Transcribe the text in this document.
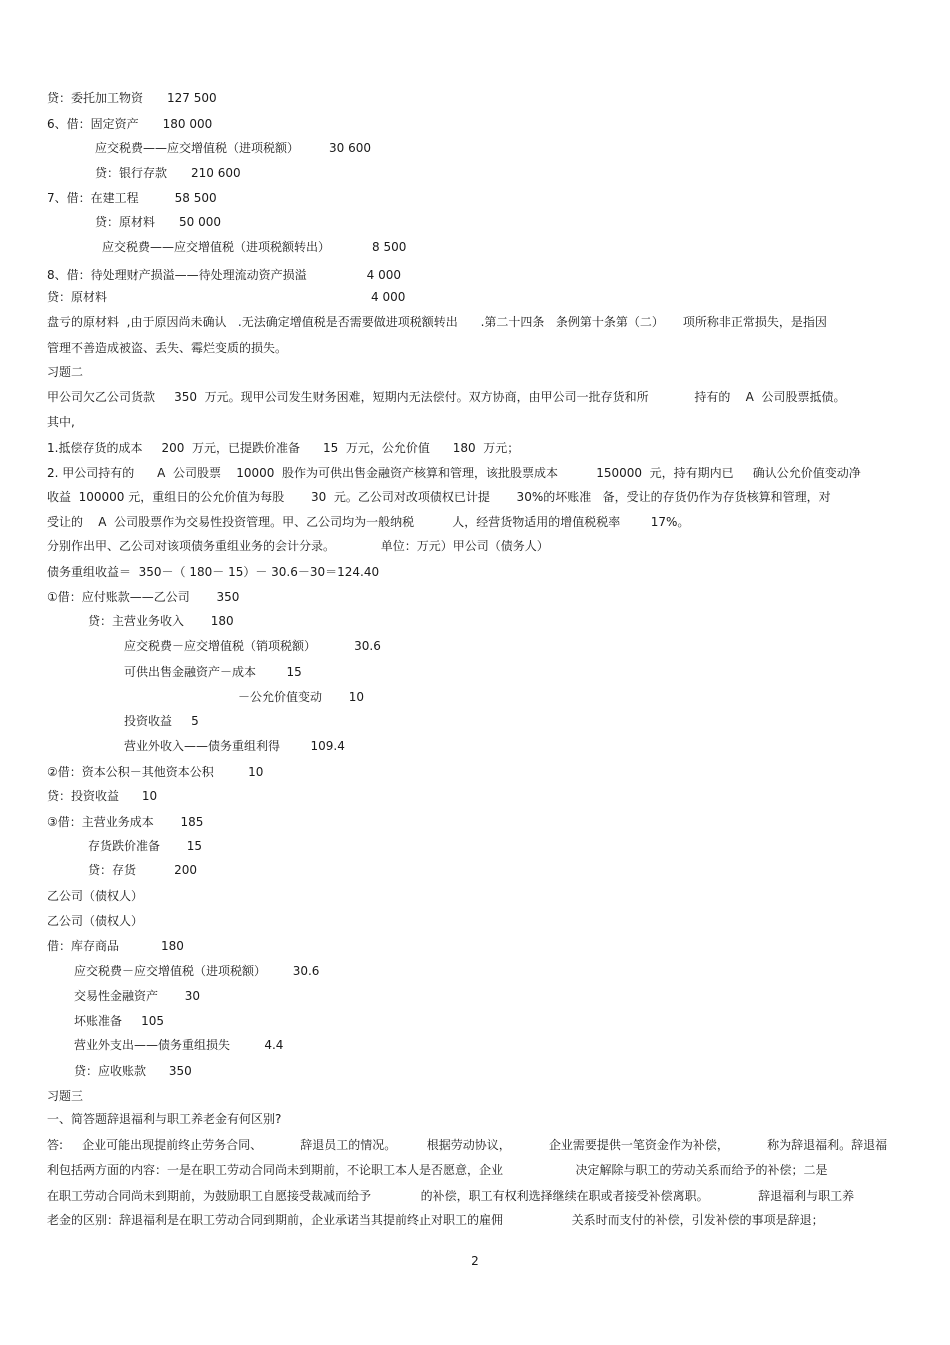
贷：委托加工物资　　127 500
6、借：固定资产　　180 000
应交税费——应交增值税（进项税额）　　　30 600
贷：银行存款　　210 600
7、借：在建工程　　　58 500
贷：原材料　　50 000
应交税费——应交增值税（进项税额转出）　　　　8 500
8、借：待处理财产损溢——待处理流动资产损溢　　　　　4 000
贷：原材料　　　　　　　　　　　　　　　　　　　　　　4 000
盘亏的原材料  ,由于原因尚未确认   .无法确定增值税是否需要做进项税额转出      .第二十四条   条例第十条第（二）     项所称非正常损失，是指因
管理不善造成被盗、丢失、霉烂变质的损失。
习题二
甲公司欠乙公司货款     350  万元。现甲公司发生财务困难，短期内无法偿付。双方协商，由甲公司一批存货和所            持有的    A  公司股票抵债。
其中,
1.抵偿存货的成本     200  万元，已提跌价准备      15  万元，公允价值      180  万元；
2. 甲公司持有的      A  公司股票    10000  股作为可供出售金融资产核算和管理，该批股票成本          150000  元，持有期内已     确认公允价值变动净
收益  100000 元，重组日的公允价值为每股       30  元。乙公司对改项债权已计提       30%的坏账准   备，受让的存货仍作为存货核算和管理，对
受让的    A  公司股票作为交易性投资管理。甲、乙公司均为一般纳税          人，经营货物适用的增值税税率        17%。
分别作出甲、乙公司对该项债务重组业务的会计分录。            单位：万元）甲公司（债务人）
债务重组收益＝  350－（ 180－ 15）－ 30.6－30＝124.40
①借：应付账款——乙公司       350
贷：主营业务收入       180
应交税费－应交增值税（销项税额）          30.6
可供出售金融资产－成本        15
－公允价值变动       10
投资收益     5
营业外收入——债务重组利得        109.4
②借：资本公积－其他资本公积         10
贷：投资收益      10
③借：主营业务成本       185
存货跌价准备       15
贷：存货          200
乙公司（债权人）
乙公司（债权人）
借：库存商品           180
应交税费－应交增值税（进项税额）       30.6
交易性金融资产       30
坏账准备     105
营业外支出——债务重组损失         4.4
贷：应收账款      350
习题三
一、简答题辞退福利与职工养老金有何区别?
答:     企业可能出现提前终止劳务合同、          辞退员工的情况。        根据劳动协议，          企业需要提供一笔资金作为补偿，          称为辞退福利。辞退福
利包括两方面的内容：一是在职工劳动合同尚未到期前，不论职工本人是否愿意，企业                   决定解除与职工的劳动关系而给予的补偿；二是
在职工劳动合同尚未到期前，为鼓励职工自愿接受裁减而给予             的补偿，职工有权利选择继续在职或者接受补偿离职。             辞退福利与职工养
老金的区别：辞退福利是在职工劳动合同到期前，企业承诺当其提前终止对职工的雇佣                  关系时而支付的补偿，引发补偿的事项是辞退；
2
